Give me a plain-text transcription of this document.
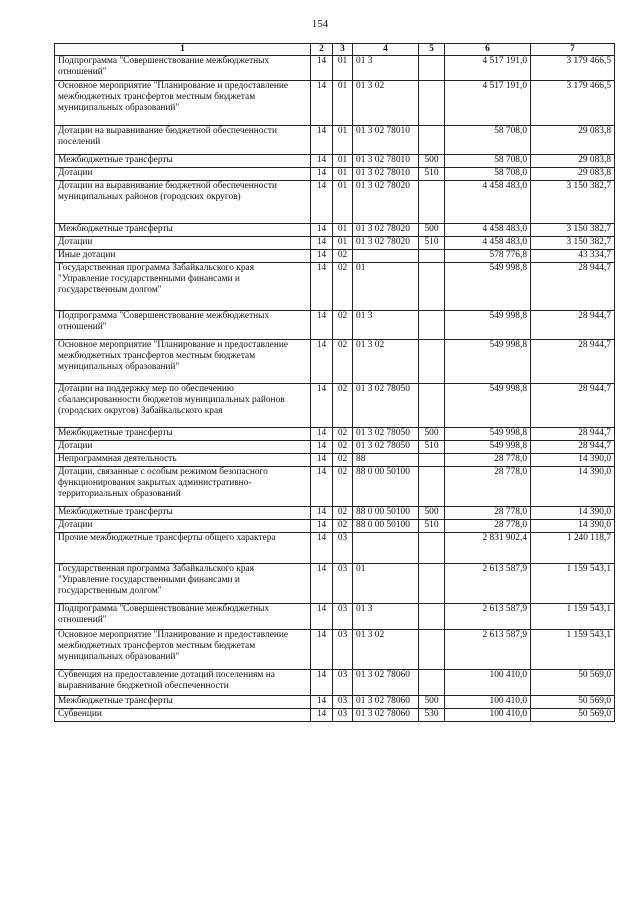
154
1	2	3	4	5	6	7
Подпрограмма "Совершенствование межбюджетных отношений"	14	01	01 3		4 517 191,0	3 179 466,5
Основное мероприятие "Планирование и предоставление межбюджетных трансфертов местным бюджетам муниципальных образований"	14	01	01 3 02		4 517 191,0	3 179 466,5
Дотации на выравнивание бюджетной обеспеченности поселений	14	01	01 3 02 78010		58 708,0	29 083,8
Межбюджетные трансферты	14	01	01 3 02 78010	500	58 708,0	29 083,8
Дотации	14	01	01 3 02 78010	510	58 708,0	29 083,8
Дотации на выравнивание бюджетной обеспеченности муниципальных районов (городских округов)	14	01	01 3 02 78020		4 458 483,0	3 150 382,7
Межбюджетные трансферты	14	01	01 3 02 78020	500	4 458 483,0	3 150 382,7
Дотации	14	01	01 3 02 78020	510	4 458 483,0	3 150 382,7
Иные дотации	14	02			578 776,8	43 334,7
Государственная программа Забайкальского края "Управление государственными финансами и государственным долгом"	14	02	01		549 998,8	28 944,7
Подпрограмма "Совершенствование межбюджетных отношений"	14	02	01 3		549 998,8	28 944,7
Основное мероприятие "Планирование и предоставление межбюджетных трансфертов местным бюджетам муниципальных образований"	14	02	01 3 02		549 998,8	28 944,7
Дотации на поддержку мер по обеспечению сбалансированности бюджетов муниципальных районов (городских округов) Забайкальского края	14	02	01 3 02 78050		549 998,8	28 944,7
Межбюджетные трансферты	14	02	01 3 02 78050	500	549 998,8	28 944,7
Дотации	14	02	01 3 02 78050	510	549 998,8	28 944,7
Непрограммная деятельность	14	02	88		28 778,0	14 390,0
Дотации, связанные с особым режимом безопасного функционирования закрытых административно-территориальных образований	14	02	88 0 00 50100		28 778,0	14 390,0
Межбюджетные трансферты	14	02	88 0 00 50100	500	28 778,0	14 390,0
Дотации	14	02	88 0 00 50100	510	28 778,0	14 390,0
Прочие межбюджетные трансферты общего характера	14	03			2 831 902,4	1 240 118,7
Государственная программа Забайкальского края "Управление государственными финансами и государственным долгом"	14	03	01		2 613 587,9	1 159 543,1
Подпрограмма "Совершенствование межбюджетных отношений"	14	03	01 3		2 613 587,9	1 159 543,1
Основное мероприятие "Планирование и предоставление межбюджетных трансфертов местным бюджетам муниципальных образований"	14	03	01 3 02		2 613 587,9	1 159 543,1
Субвенция на предоставление дотаций поселениям на выравнивание бюджетной обеспеченности	14	03	01 3 02 78060		100 410,0	50 569,0
Межбюджетные трансферты	14	03	01 3 02 78060	500	100 410,0	50 569,0
Субвенции	14	03	01 3 02 78060	530	100 410,0	50 569,0
